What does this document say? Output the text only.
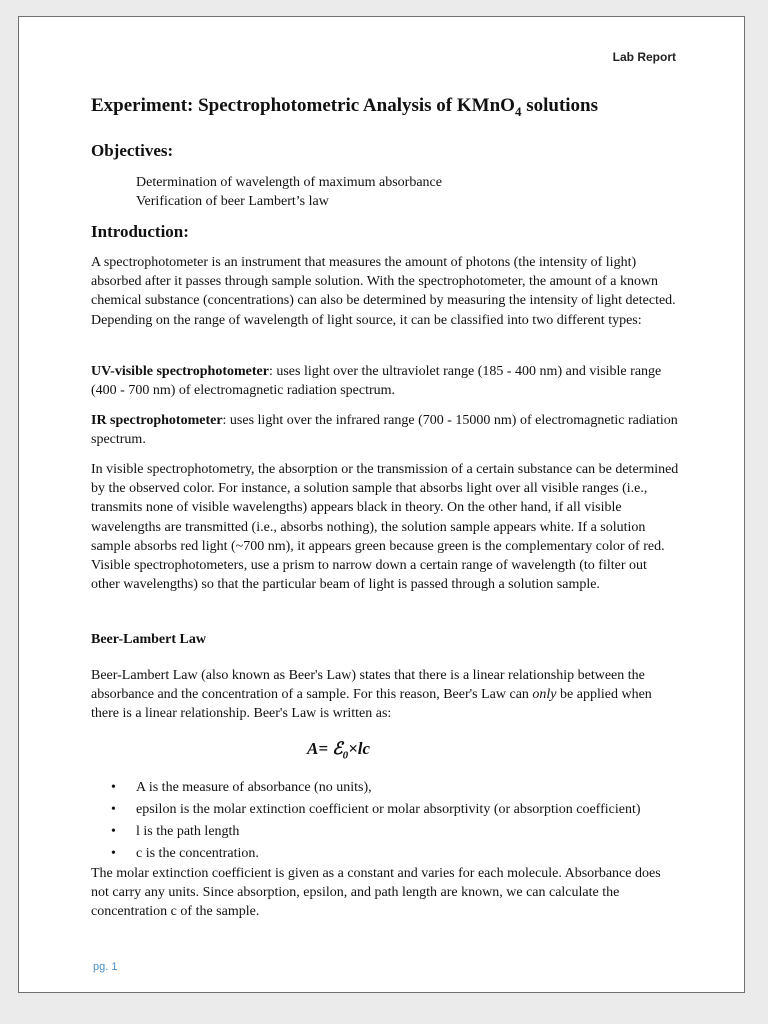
Lab Report
Experiment: Spectrophotometric Analysis of KMnO$_4$ solutions
Objectives:
Determination of wavelength of maximum absorbance
Verification of beer Lambert’s law
Introduction:

A spectrophotometer is an instrument that measures the amount of photons (the intensity of light) absorbed after it passes through sample solution. With the spectrophotometer, the amount of a known chemical substance (concentrations) can also be determined by measuring the intensity of light detected. Depending on the range of wavelength of light source, it can be classified into two different types:

UV-visible spectrophotometer: uses light over the ultraviolet range (185 - 400 nm) and visible range (400 - 700 nm) of electromagnetic radiation spectrum.

IR spectrophotometer: uses light over the infrared range (700 - 15000 nm) of electromagnetic radiation spectrum.

In visible spectrophotometry, the absorption or the transmission of a certain substance can be determined by the observed color. For instance, a solution sample that absorbs light over all visible ranges (i.e., transmits none of visible wavelengths) appears black in theory. On the other hand, if all visible wavelengths are transmitted (i.e., absorbs nothing), the solution sample appears white. If a solution sample absorbs red light (~700 nm), it appears green because green is the complementary color of red. Visible spectrophotometers, use a prism to narrow down a certain range of wavelength (to filter out other wavelengths) so that the particular beam of light is passed through a solution sample.

Beer-Lambert Law

Beer-Lambert Law (also known as Beer's Law) states that there is a linear relationship between the absorbance and the concentration of a sample. For this reason, Beer's Law can only be applied when there is a linear relationship. Beer's Law is written as:

A= ℰ$_0$×lc
• A is the measure of absorbance (no units),
• epsilon is the molar extinction coefficient or molar absorptivity (or absorption coefficient)
• l is the path length
• c is the concentration.

The molar extinction coefficient is given as a constant and varies for each molecule. Absorbance does not carry any units. Since absorption, epsilon, and path length are known, we can calculate the concentration c of the sample.

pg. 1
